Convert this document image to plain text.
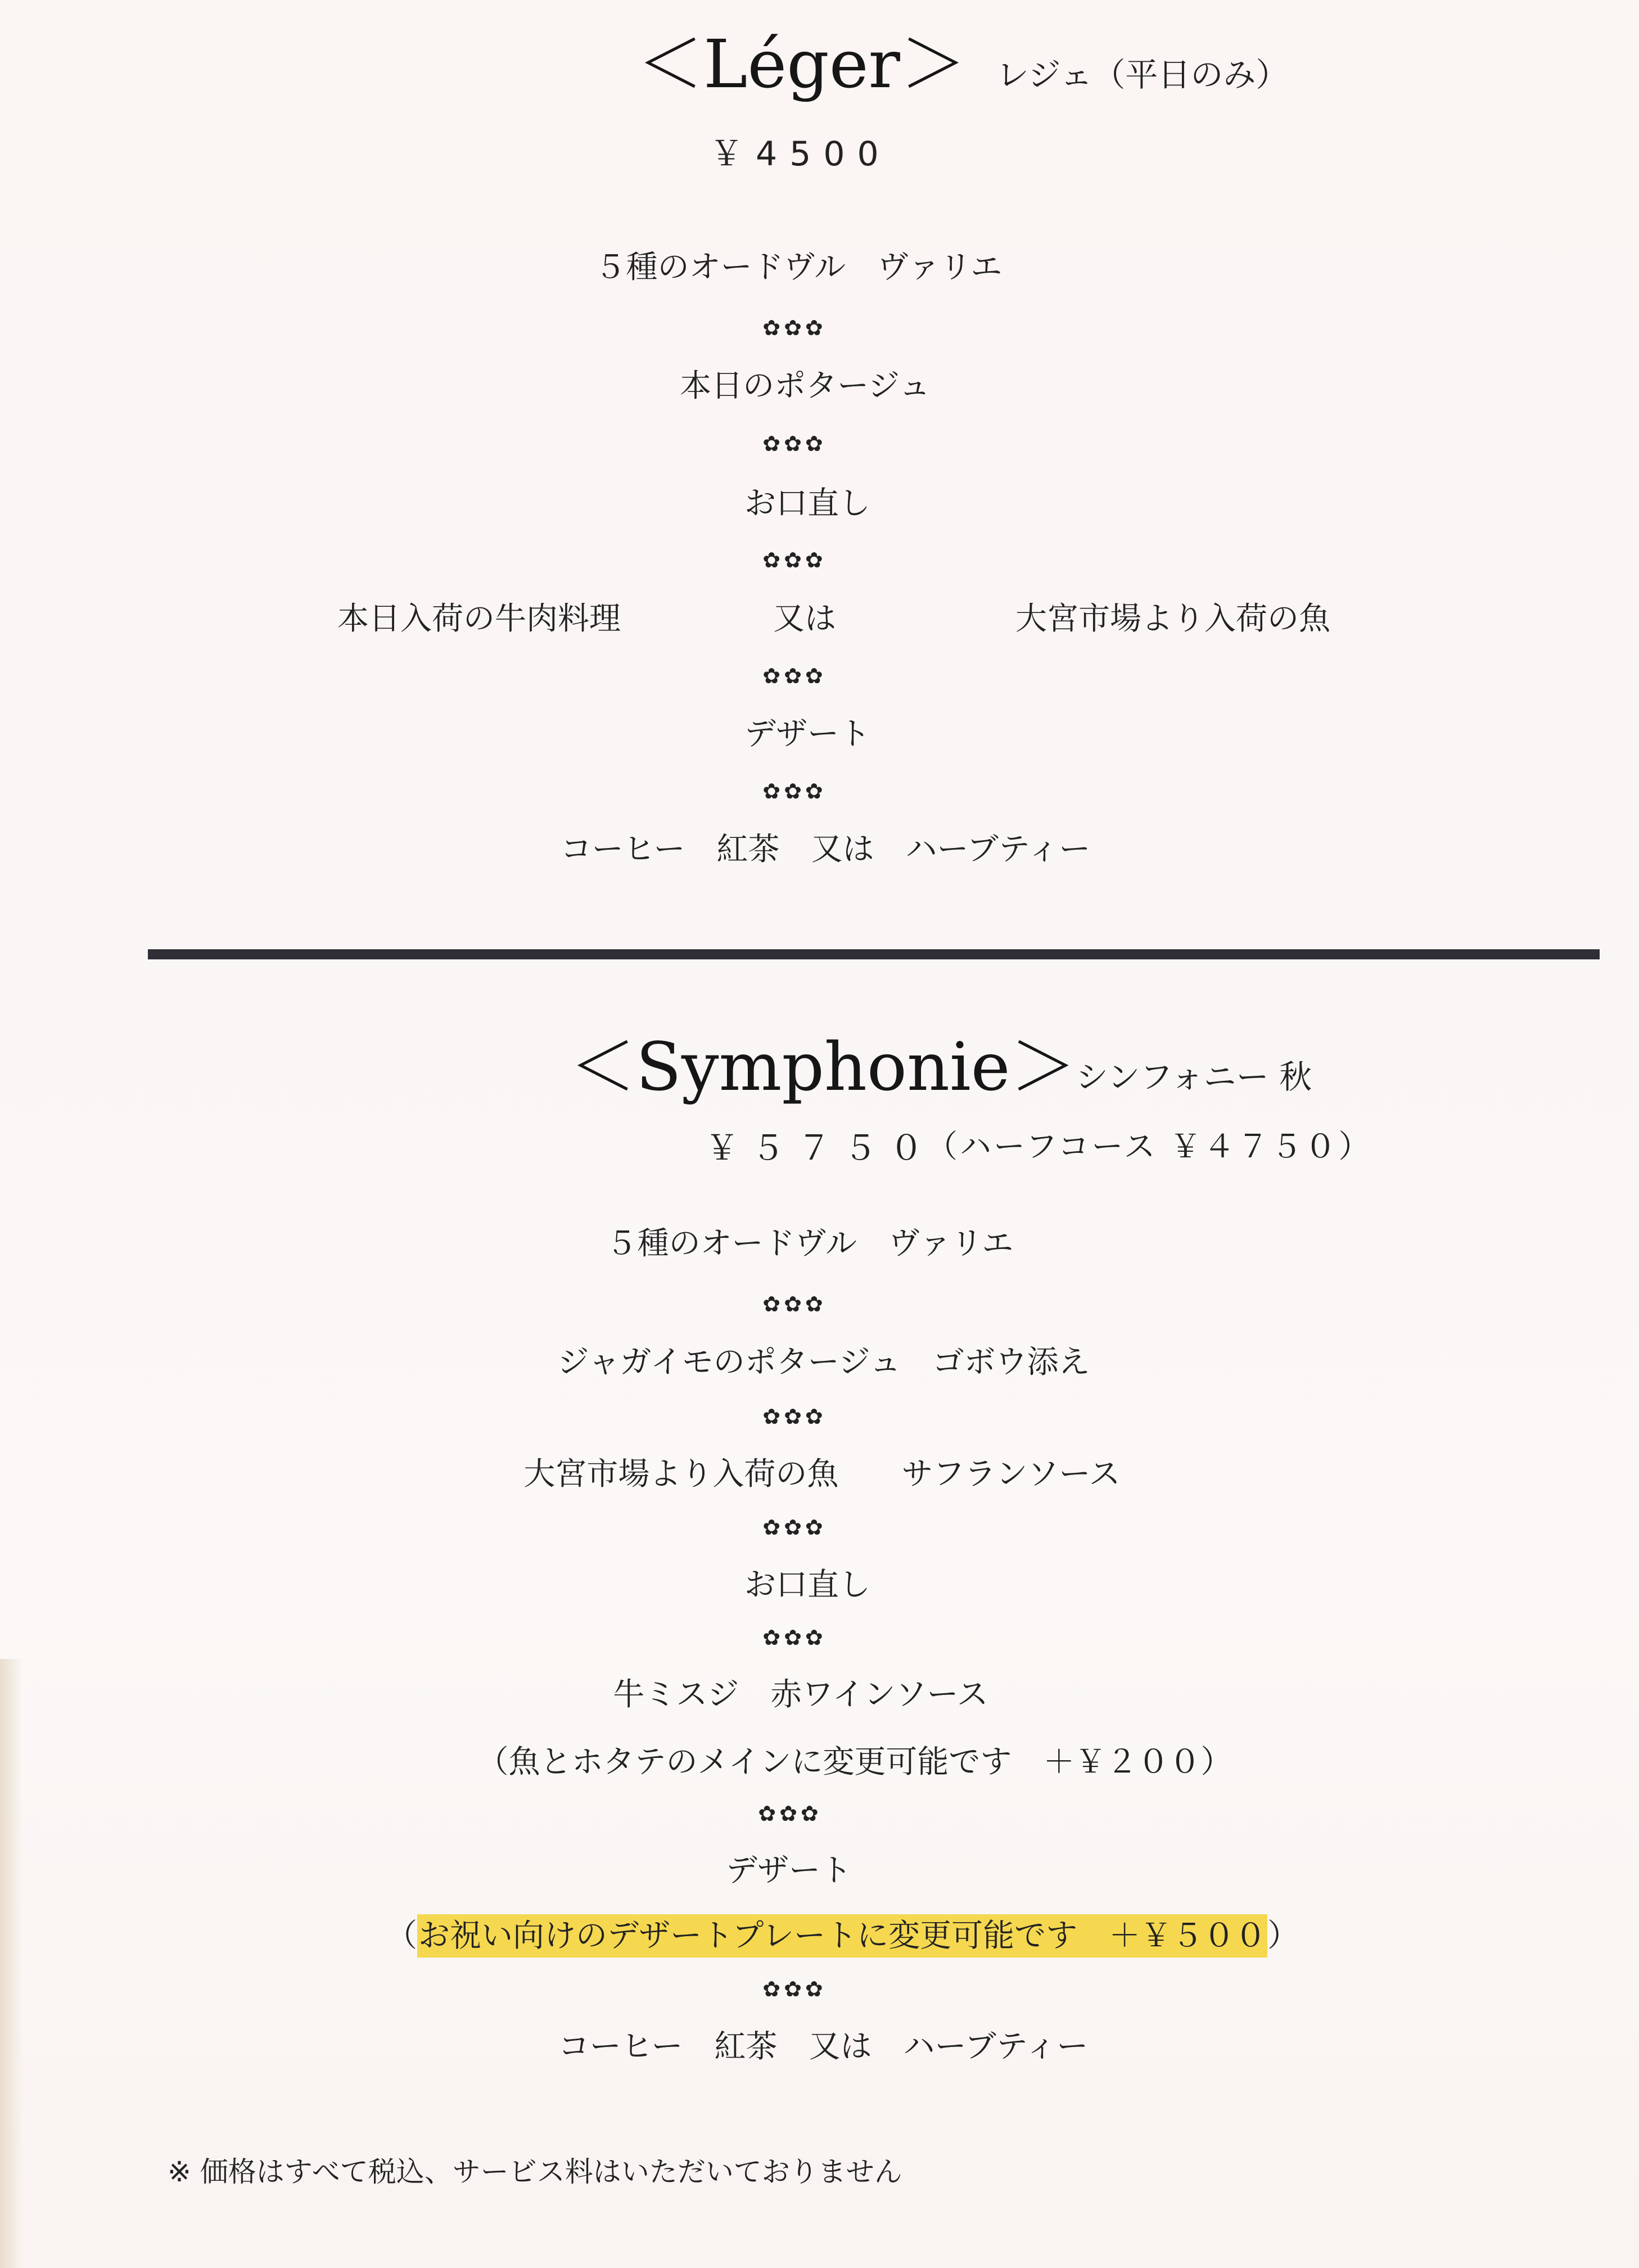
＜Léger＞ レジェ（平日のみ）
￥4500
５種のオードヴル　ヴァリエ
✿✿✿
本日のポタージュ
✿✿✿
お口直し
✿✿✿
本日入荷の牛肉料理	又は	大宮市場より入荷の魚
✿✿✿
デザート
✿✿✿
コーヒー　紅茶　又は　ハーブティー
＜Symphonie＞
シンフォニー 秋
￥５７５０
（ハーフコース ￥４７５０）
５種のオードヴル　ヴァリエ
✿✿✿
ジャガイモのポタージュ　ゴボウ添え
✿✿✿
大宮市場より入荷の魚　　サフランソース
✿✿✿
お口直し
✿✿✿
牛ミスジ　赤ワインソース
（魚とホタテのメインに変更可能です　＋￥２００）
✿✿✿
デザート
（お祝い向けのデザートプレートに変更可能です　＋￥５００）
✿✿✿
コーヒー　紅茶　又は　ハーブティー
※ 価格はすべて税込、サービス料はいただいておりません
